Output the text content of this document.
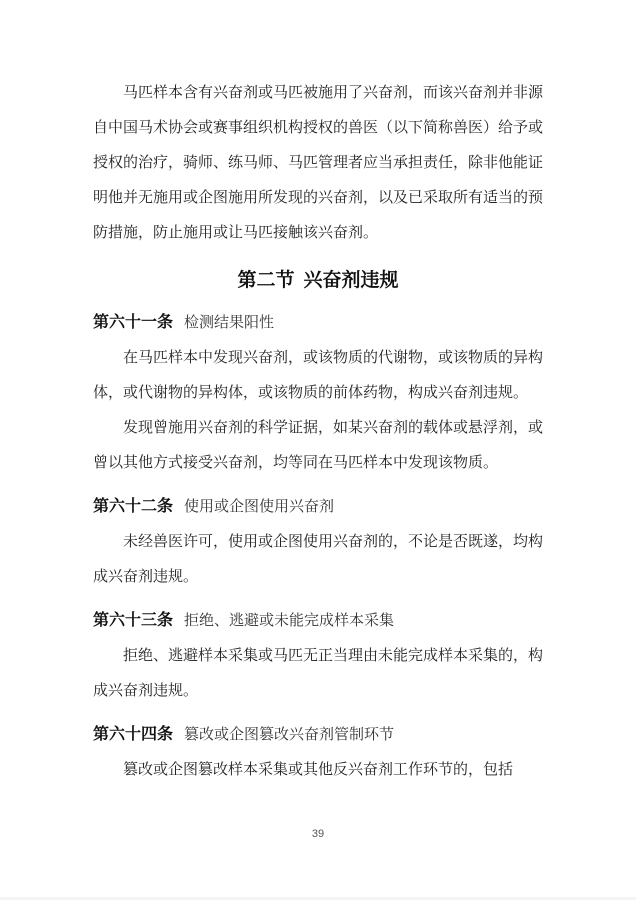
马匹样本含有兴奋剂或马匹被施用了兴奋剂，而该兴奋剂并非源自中国马术协会或赛事组织机构授权的兽医（以下简称兽医）给予或授权的治疗，骑师、练马师、马匹管理者应当承担责任，除非他能证明他并无施用或企图施用所发现的兴奋剂，以及已采取所有适当的预防措施，防止施用或让马匹接触该兴奋剂。

第二节 兴奋剂违规

第六十一条 检测结果阳性

在马匹样本中发现兴奋剂，或该物质的代谢物，或该物质的异构体，或代谢物的异构体，或该物质的前体药物，构成兴奋剂违规。

发现曾施用兴奋剂的科学证据，如某兴奋剂的载体或悬浮剂，或曾以其他方式接受兴奋剂，均等同在马匹样本中发现该物质。

第六十二条 使用或企图使用兴奋剂

未经兽医许可，使用或企图使用兴奋剂的，不论是否既遂，均构成兴奋剂违规。

第六十三条 拒绝、逃避或未能完成样本采集

拒绝、逃避样本采集或马匹无正当理由未能完成样本采集的，构成兴奋剂违规。

第六十四条 篡改或企图篡改兴奋剂管制环节

篡改或企图篡改样本采集或其他反兴奋剂工作环节的，包括

39
